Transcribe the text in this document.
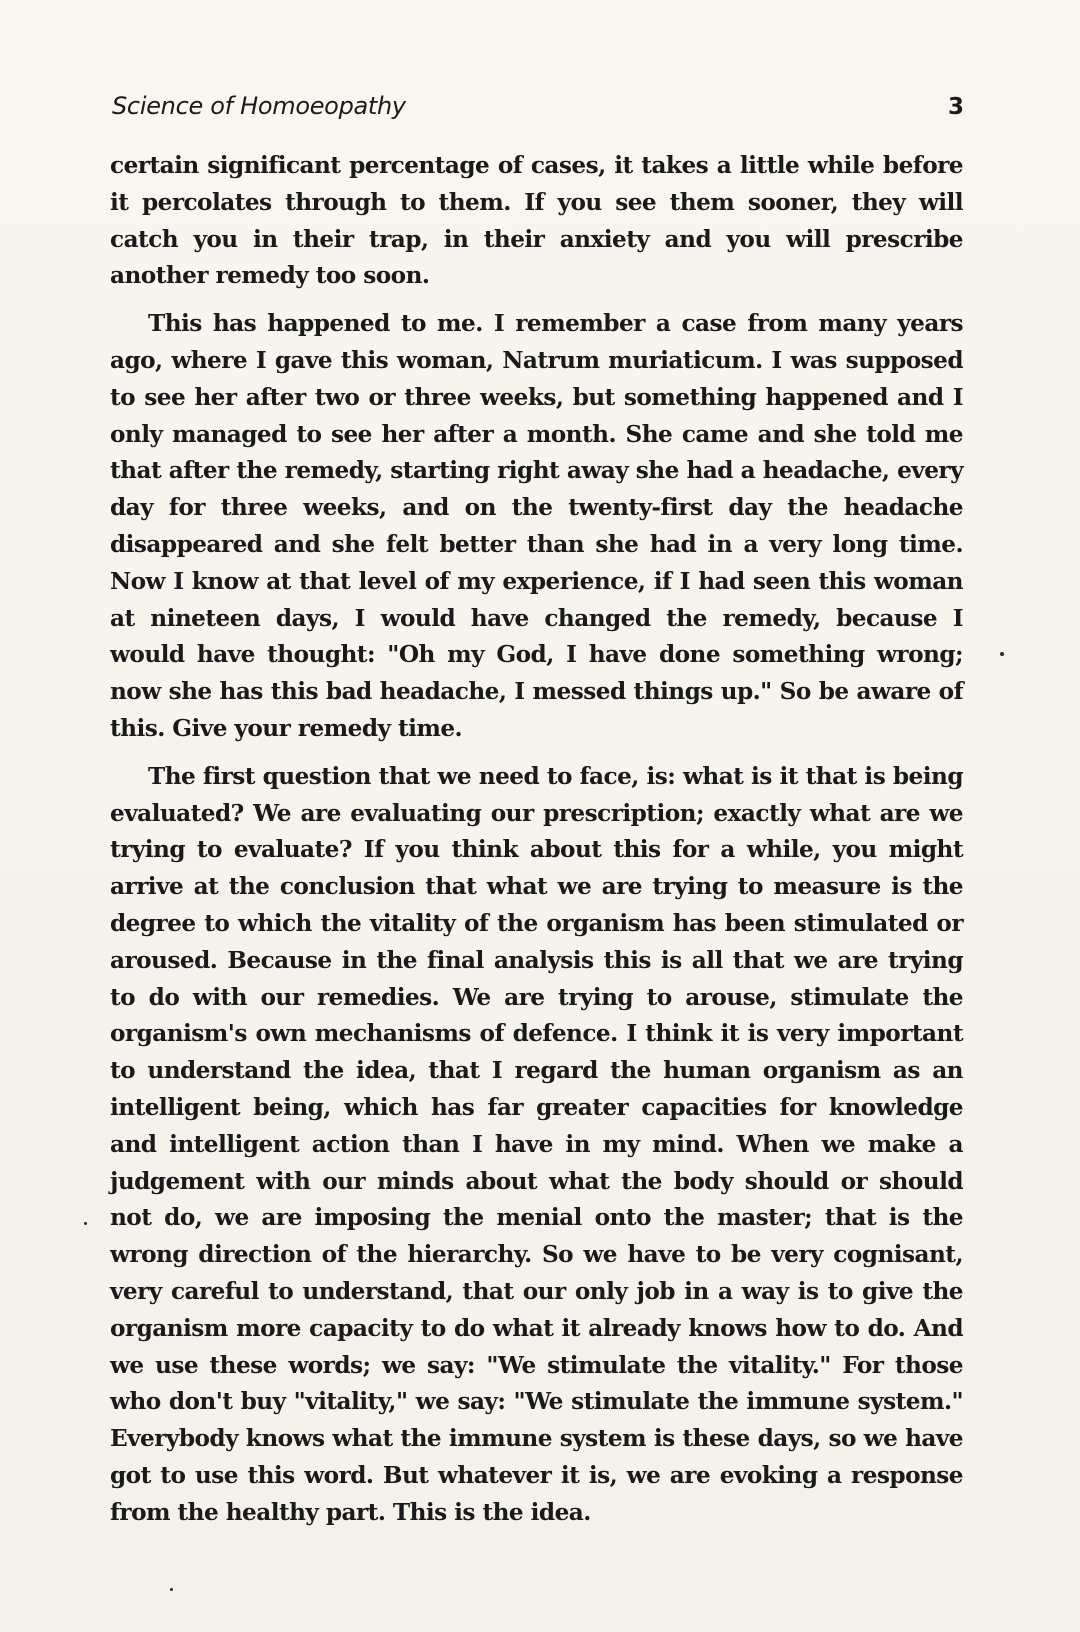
Science of Homoeopathy	3

certain significant percentage of cases, it takes a little while before it percolates through to them. If you see them sooner, they will catch you in their trap, in their anxiety and you will prescribe another remedy too soon.

This has happened to me. I remember a case from many years ago, where I gave this woman, Natrum muriaticum. I was supposed to see her after two or three weeks, but something happened and I only managed to see her after a month. She came and she told me that after the remedy, starting right away she had a headache, every day for three weeks, and on the twenty-first day the headache disappeared and she felt better than she had in a very long time. Now I know at that level of my experience, if I had seen this woman at nineteen days, I would have changed the remedy, because I would have thought: "Oh my God, I have done something wrong; now she has this bad headache, I messed things up." So be aware of this. Give your remedy time.

The first question that we need to face, is: what is it that is being evaluated? We are evaluating our prescription; exactly what are we trying to evaluate? If you think about this for a while, you might arrive at the conclusion that what we are trying to measure is the degree to which the vitality of the organism has been stimulated or aroused. Because in the final analysis this is all that we are trying to do with our remedies. We are trying to arouse, stimulate the organism's own mechanisms of defence. I think it is very important to understand the idea, that I regard the human organism as an intelligent being, which has far greater capacities for knowledge and intelligent action than I have in my mind. When we make a judgement with our minds about what the body should or should not do, we are imposing the menial onto the master; that is the wrong direction of the hierarchy. So we have to be very cognisant, very careful to understand, that our only job in a way is to give the organism more capacity to do what it already knows how to do. And we use these words; we say: "We stimulate the vitality." For those who don't buy "vitality," we say: "We stimulate the immune system." Everybody knows what the immune system is these days, so we have got to use this word. But whatever it is, we are evoking a response from the healthy part. This is the idea.
